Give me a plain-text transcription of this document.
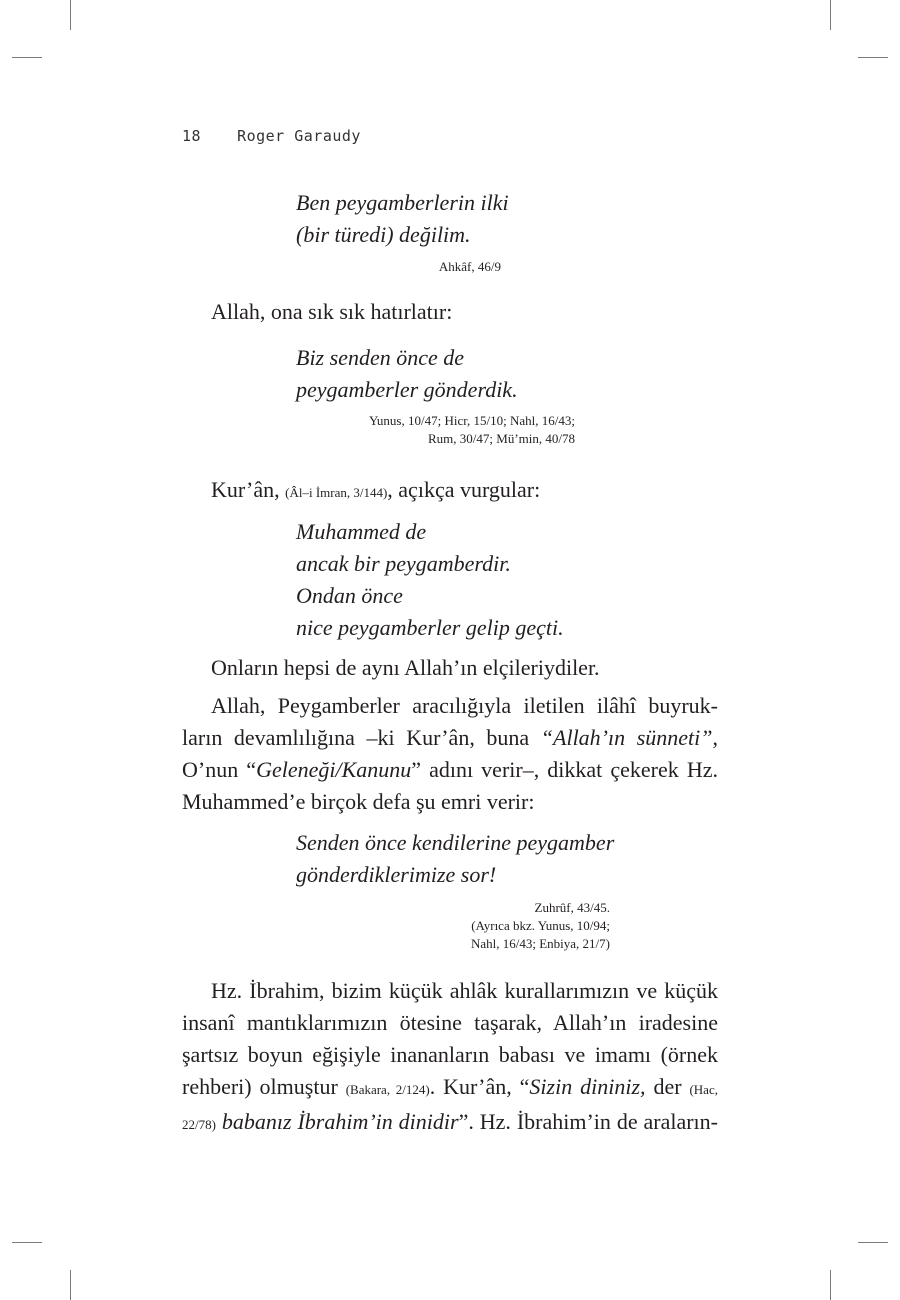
18 Roger Garaudy
Ben peygamberlerin ilki
(bir türedi) değilim.
Ahkâf, 46/9
Allah, ona sık sık hatırlatır:
Biz senden önce de
peygamberler gönderdik.
Yunus, 10/47; Hicr, 15/10; Nahl, 16/43;
Rum, 30/47; Mü’min, 40/78
Kur’ân, (Âl–i İmran, 3/144), açıkça vurgular:
Muhammed de
ancak bir peygamberdir.
Ondan önce
nice peygamberler gelip geçti.
Onların hepsi de aynı Allah’ın elçileriydiler.
Allah, Peygamberler aracılığıyla iletilen ilâhî buyruk-
ların devamlılığına –ki Kur’ân, buna “Allah’ın sünneti”,
O’nun “Geleneği/Kanunu” adını verir–, dikkat çekerek Hz.
Muhammed’e birçok defa şu emri verir:
Senden önce kendilerine peygamber
gönderdiklerimize sor!
Zuhrûf, 43/45.
(Ayrıca bkz. Yunus, 10/94;
Nahl, 16/43; Enbiya, 21/7)
Hz. İbrahim, bizim küçük ahlâk kurallarımızın ve küçük
insanî mantıklarımızın ötesine taşarak, Allah’ın iradesine
şartsız boyun eğişiyle inananların babası ve imamı (örnek
rehberi) olmuştur (Bakara, 2/124). Kur’ân, “Sizin dininiz, der (Hac,
22/78) babanız İbrahim’in dinidir”. Hz. İbrahim’in de araların-
